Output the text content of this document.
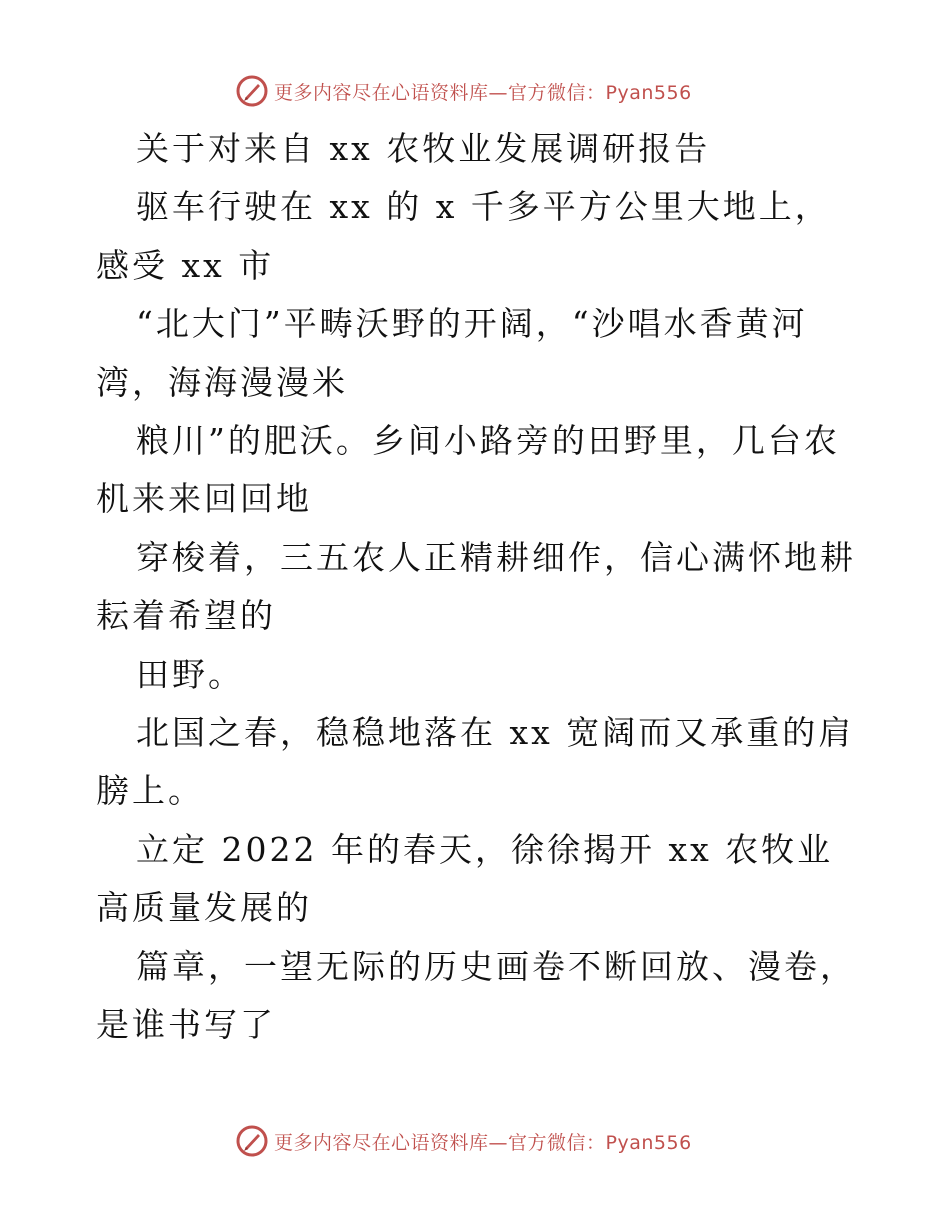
更多内容尽在心语资料库—官方微信：Pyan556

关于对来自 xx 农牧业发展调研报告

驱车行驶在 xx 的 x 千多平方公里大地上，感受 xx 市

“北大门”平畴沃野的开阔，“沙唱水香黄河湾，海海漫漫米

粮川”的肥沃。乡间小路旁的田野里，几台农机来来回回地

穿梭着，三五农人正精耕细作，信心满怀地耕耘着希望的

田野。

北国之春，稳稳地落在 xx 宽阔而又承重的肩膀上。

立定 2022 年的春天，徐徐揭开 xx 农牧业高质量发展的

篇章，一望无际的历史画卷不断回放、漫卷，是谁书写了

更多内容尽在心语资料库—官方微信：Pyan556
